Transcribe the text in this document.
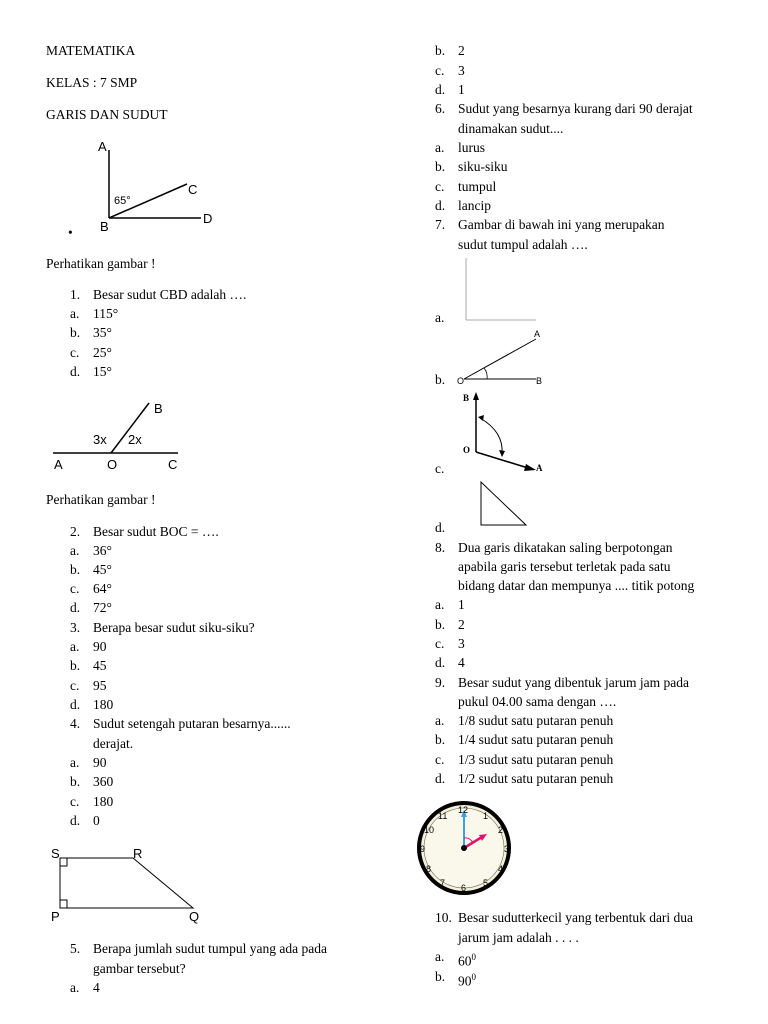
MATEMATIKA
KELAS : 7 SMP
GARIS DAN SUDUT
A
B
C
D
65°
•
Perhatikan gambar !
1. Besar sudut CBD adalah ….
a. 115°
b. 35°
c. 25°
d. 15°
B
3x 2x
A	O	C
Perhatikan gambar !
2. Besar sudut BOC = ….
a. 36°
b. 45°
c. 64°
d. 72°
3. Berapa besar sudut siku-siku?
a. 90
b. 45
c. 95
d. 180
4. Sudut setengah putaran besarnya......
derajat.
a. 90
b. 360
c. 180
d. 0
S	R
P	Q
5. Berapa jumlah sudut tumpul yang ada pada
gambar tersebut?
a. 4
b. 2
c. 3
d. 1
6. Sudut yang besarnya kurang dari 90 derajat
dinamakan sudut....
a. lurus
b. siku-siku
c. tumpul
d. lancip
7. Gambar di bawah ini yang merupakan
sudut tumpul adalah ….
a.
b.
A
O	B
c.
B
O
A
d.
8. Dua garis dikatakan saling berpotongan
apabila garis tersebut terletak pada satu
bidang datar dan mempunya .... titik potong
a. 1
b. 2
c. 3
d. 4
9. Besar sudut yang dibentuk jarum jam pada
pukul 04.00 sama dengan ….
a. 1/8 sudut satu putaran penuh
b. 1/4 sudut satu putaran penuh
c. 1/3 sudut satu putaran penuh
d. 1/2 sudut satu putaran penuh
12
1
2
3
4
5
6
7
8
9
10
11
10. Besar sudutterkecil yang terbentuk dari dua
jarum jam adalah . . . .
a. $60^0$
b. $90^0$
